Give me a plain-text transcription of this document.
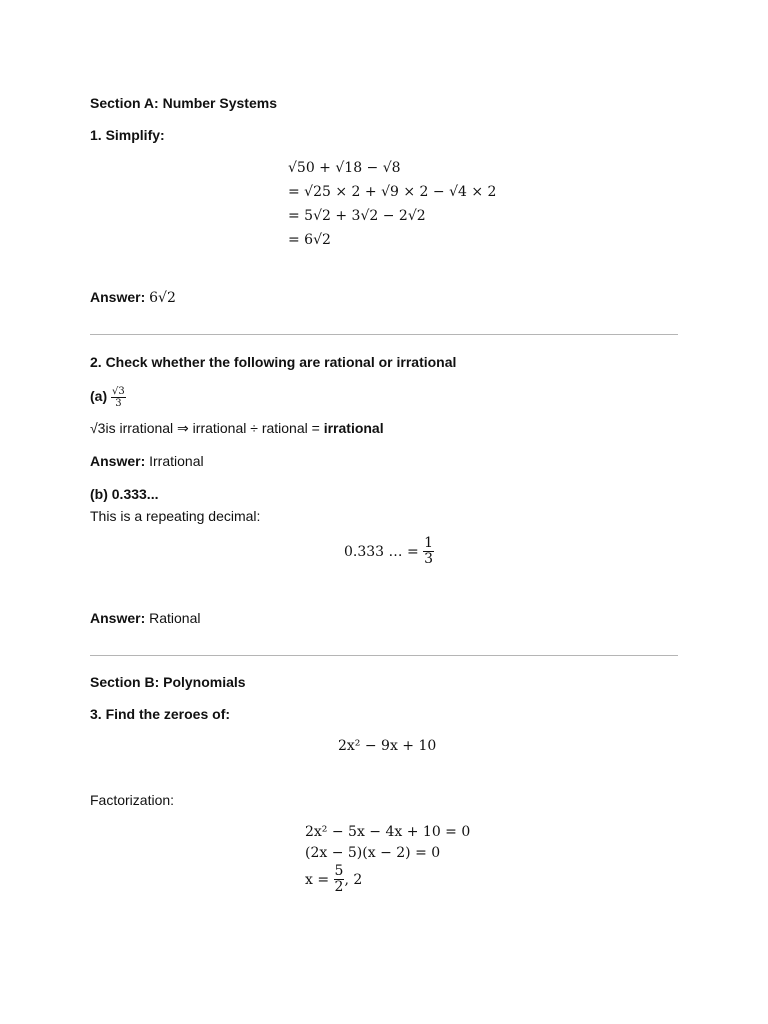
Section A: Number Systems
1. Simplify:
√50 + √18 − √8
= √25 × 2 + √9 × 2 − √4 × 2
= 5√2 + 3√2 − 2√2
= 6√2
Answer: 6√2
2. Check whether the following are rational or irrational
$(a) \frac{√3}{3}$
√3is irrational ⇒ irrational ÷ rational = irrational
Answer: Irrational
(b) 0.333...
This is a repeating decimal:
0.333 … = $\frac{1}{3}$
Answer: Rational
Section B: Polynomials
3. Find the zeroes of:
2x² − 9x + 10
Factorization:
2x² − 5x − 4x + 10 = 0
(2x − 5)(x − 2) = 0
$x = \frac{5}{2}$ , 2
